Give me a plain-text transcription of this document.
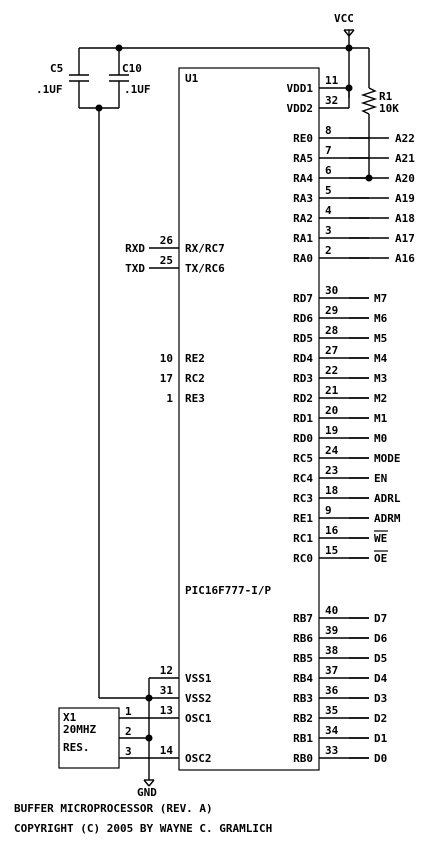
VCC
C5
.1UF
C10
.1UF
U1
PIC16F777-I/P
R1
10K
VDD1
11
VDD2
32
RE0
8
A22
RA5
7
A21
RA4
6
A20
RA3
5
A19
RA2
4
A18
RA1
3
A17
RA0
2
A16
RD7
30
M7
RD6
29
M6
RD5
28
M5
RD4
27
M4
RD3
22
M3
RD2
21
M2
RD1
20
M1
RD0
19
M0
RC5
24
MODE
RC4
23
EN
RC3
18
ADRL
RE1
9
ADRM
RC1
16
WE
RC0
15
OE
RB7
40
D7
RB6
39
D6
RB5
38
D5
RB4
37
D4
RB3
36
D3
RB2
35
D2
RB1
34
D1
RB0
33
D0
RXD	RX/RC7
26
TXD	TX/RC6
25
RE2
10
RC2
17
RE3
1
VSS1
12
VSS2
31
OSC1
13
OSC2
14
X1
20MHZ
RES.
1
2
3
GND
BUFFER MICROPROCESSOR (REV. A)
COPYRIGHT (C) 2005 BY WAYNE C. GRAMLICH
